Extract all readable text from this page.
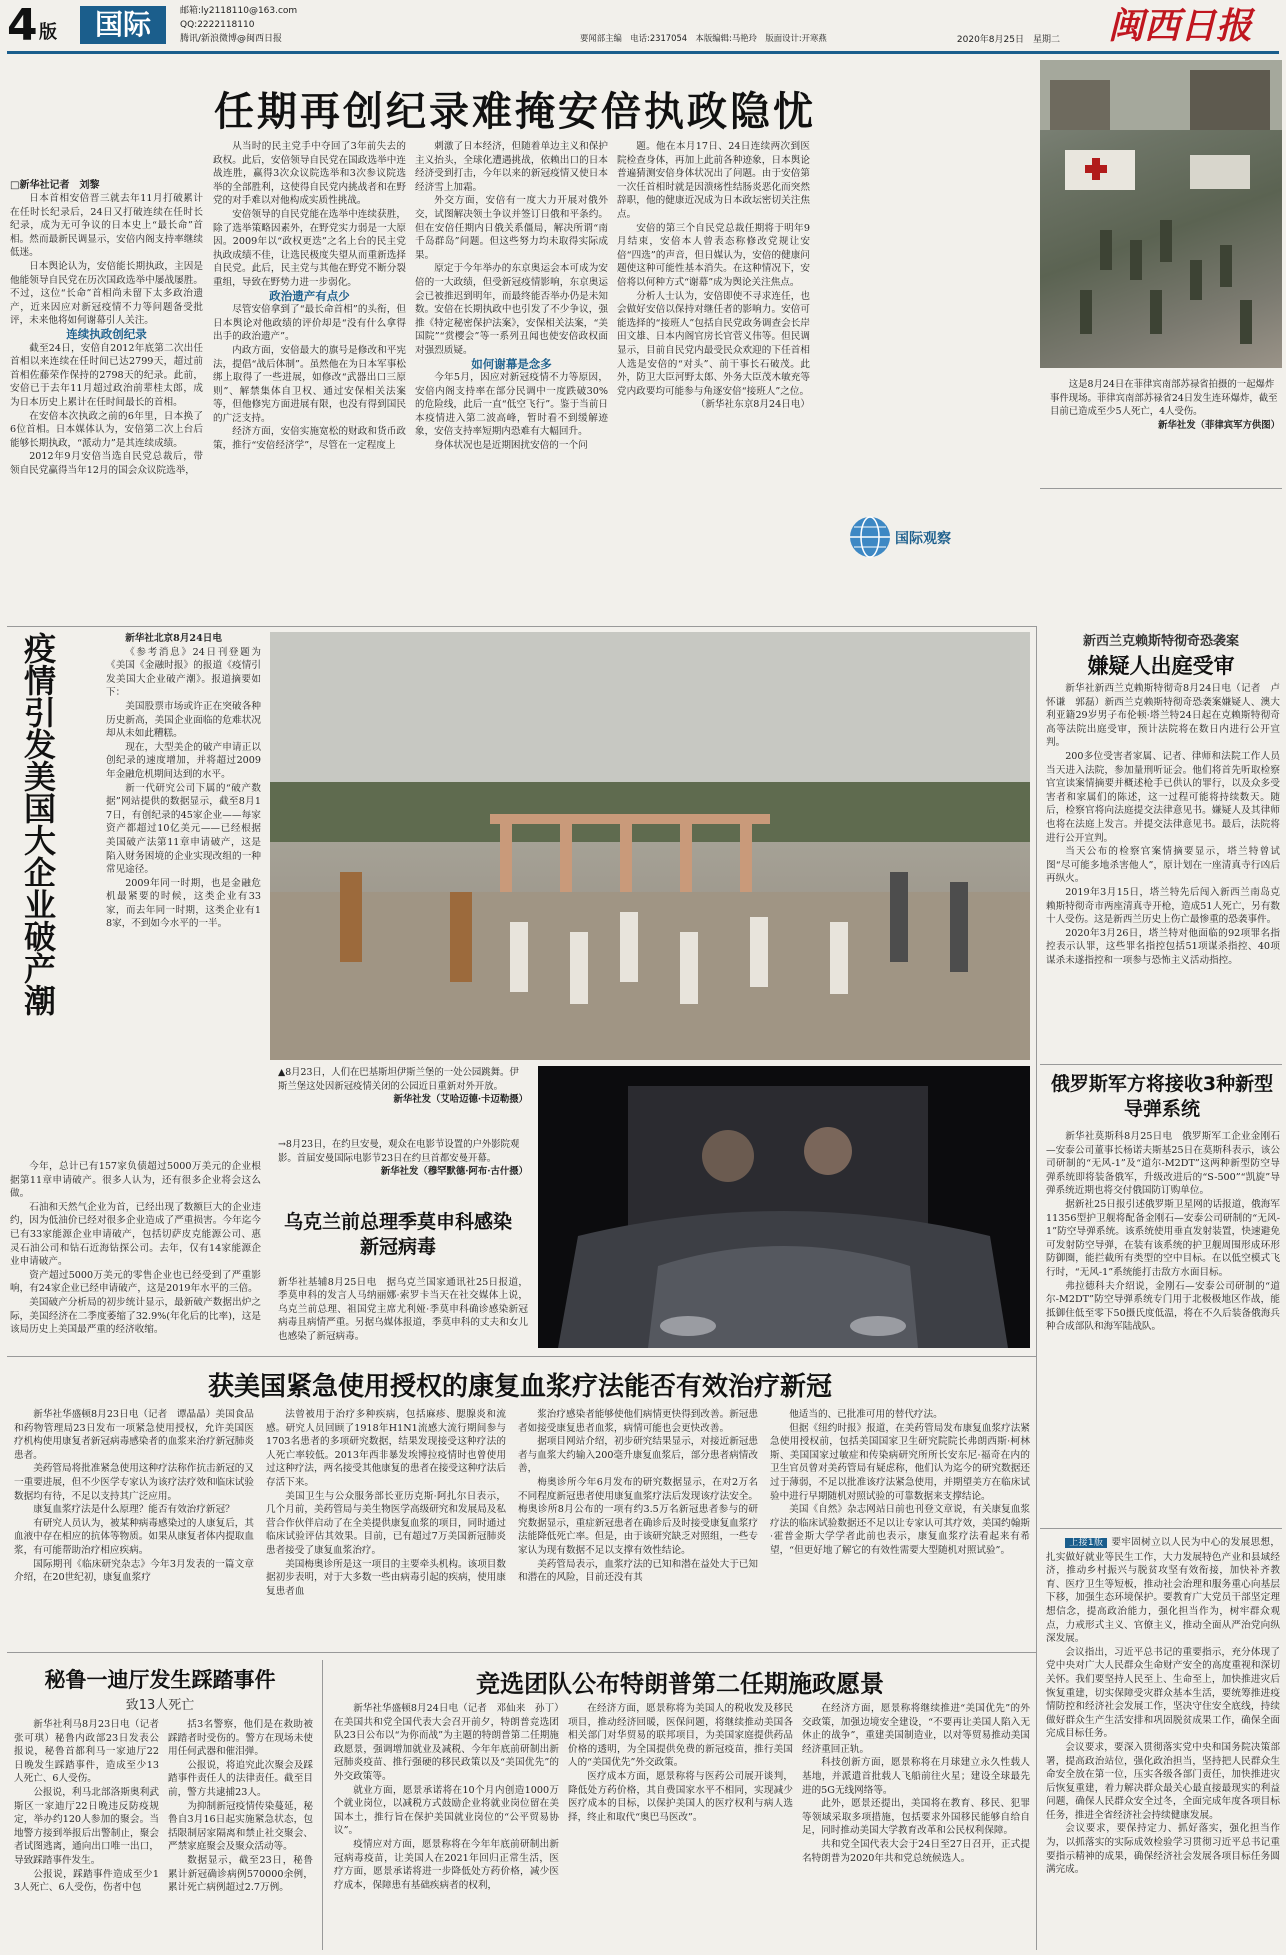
4 版	国际	邮箱:ly2118110@163.com
QQ:2222118110
腾讯/新浪微博@闽西日报	要闻部主编　电话:2317054　本版编辑:马艳玲　版面设计:开寒燕	2020年8月25日　星期二	闽西日报
任期再创纪录难掩安倍执政隐忧
□新华社记者　刘黎

日本首相安倍晋三就去年11月打破累计在任时长纪录后，24日又打破连续在任时长纪录，成为无可争议的日本史上“最长命”首相。然而最新民调显示，安倍内阁支持率继续低迷。

日本舆论认为，安倍能长期执政，主因是他能领导自民党在历次国政选举中屡战屡胜。不过，这位“长命”首相尚未留下太多政治遗产，近来因应对新冠疫情不力等问题备受批评，未来他将如何谢幕引人关注。

连续执政创纪录

截至24日，安倍自2012年底第二次出任首相以来连续在任时间已达2799天，超过前首相佐藤荣作保持的2798天的纪录。此前，安倍已于去年11月超过政治前辈桂太郎，成为日本历史上累计在任时间最长的首相。

在安倍本次执政之前的6年里，日本换了6位首相。日本媒体认为，安倍第二次上台后能够长期执政，“派动力”是其连续成绩。

2012年9月安倍当选自民党总裁后，带领自民党赢得当年12月的国会众议院选举，

从当时的民主党手中夺回了3年前失去的政权。此后，安倍领导自民党在国政选举中连战连胜，赢得3次众议院选举和3次参议院选举的全部胜利，这使得自民党内挑战者和在野党的对手难以对他构成实质性挑战。

安倍领导的自民党能在选举中连续获胜，除了选举策略因素外，在野党实力弱是一大原因。2009年以“政权更迭”之名上台的民主党执政成绩不佳，让选民极度失望从而重新选择自民党。此后，民主党与其他在野党不断分裂重组，导致在野势力进一步弱化。

政治遗产有点少

尽管安倍拿到了“最长命首相”的头衔，但日本舆论对他政绩的评价却是“没有什么拿得出手的政治遗产”。

内政方面，安倍最大的旗号是修改和平宪法，提倡“战后体制”。虽然他在为日本军事松绑上取得了一些进展，如修改“武器出口三原则”、解禁集体自卫权、通过安保相关法案等，但他修宪方面进展有限，也没有得到国民的广泛支持。

经济方面，安倍实施宽松的财政和货币政策，推行“安倍经济学”，尽管在一定程度上

刺激了日本经济，但随着单边主义和保护主义抬头，全球化遭遇挑战，依赖出口的日本经济受到打击，今年以来的新冠疫情又使日本经济雪上加霜。

外交方面，安倍有一度大力开展对俄外交，试图解决领土争议并签订日俄和平条约。但在安倍任期内日俄关系僵局，解决所谓“南千岛群岛”问题。但这些努力均未取得实际成果。

原定于今年举办的东京奥运会本可成为安倍的一大政绩，但受新冠疫情影响，东京奥运会已被推迟到明年，而最终能否举办仍是未知数。安倍在长期执政中也引发了不少争议，强推《特定秘密保护法案》，安保相关法案，“美国院”“赏樱会”等一系列丑闻也使安倍政权面对强烈质疑。

如何谢幕是念多

今年5月，因应对新冠疫情不力等原因，安倍内阁支持率在部分民调中一度跌破30%的危险线，此后一直“低空飞行”。鉴于当前日本疫情进入第二波高峰，暂时看不到缓解迹象，安倍支持率短期内恐难有大幅回升。

身体状况也是近期困扰安倍的一个问

题。他在本月17日、24日连续两次到医院检查身体，再加上此前各种迹象，日本舆论普遍猜测安倍身体状况出了问题。由于安倍第一次任首相时就是因溃疡性结肠炎恶化而突然辞职，他的健康近况成为日本政坛密切关注焦点。

安倍的第三个自民党总裁任期将于明年9月结束，安倍本人曾表态称修改党规让安倍“四选”的声音，但日媒认为，安倍的健康问题使这种可能性基本消失。在这种情况下，安倍将以何种方式“谢幕”成为舆论关注焦点。

分析人士认为，安倍即使不寻求连任，也会做好安倍以保持对继任者的影响力。安倍可能选择的“接班人”包括自民党政务调查会长岸田文雄、日本内阁官房长官菅义伟等。但民调显示，目前自民党内最受民众欢迎的下任首相人选是安倍的“对头”、前干事长石破茂。此外，防卫大臣河野太郎、外务大臣茂木敏充等党内政要均可能参与角逐安倍“接班人”之位。

（新华社东京8月24日电）

国际观察
这是8月24日在菲律宾南部苏禄省拍摄的一起爆炸事件现场。菲律宾南部苏禄省24日发生连环爆炸，截至目前已造成至少5人死亡，4人受伤。
新华社发（菲律宾军方供图）
疫情引发美国大企业破产潮	新华社北京8月24日电

《参考消息》24日刊登题为《美国《金融时报》的报道《疫情引发美国大企业破产潮》。报道摘要如下：

美国股票市场或许正在突破各种历史新高，美国企业面临的危难状况却从未如此糟糕。

现在，大型美企的破产申请正以创纪录的速度增加，并将超过2009年金融危机期间达到的水平。

新一代研究公司下属的“破产数据”网站提供的数据显示，截至8月17日，有创纪录的45家企业——每家资产都超过10亿美元——已经根据美国破产法第11章申请破产，这是陷入财务困境的企业实现改组的一种常见途径。

2009年同一时期，也是金融危机最紧要的时候，这类企业有33家，而去年同一时期，这类企业有18家，不到如今水平的一半。

今年，总计已有157家负债超过5000万美元的企业根据第11章申请破产。很多人认为，还有很多企业将会这么做。

石油和天然气企业为首，已经出现了数额巨大的企业违约，因为低油价已经对很多企业造成了严重损害。今年迄今已有33家能源企业申请破产，包括切萨皮克能源公司、惠灵石油公司和钻石近海钻探公司。去年，仅有14家能源企业申请破产。

资产超过5000万美元的零售企业也已经受到了严重影响，有24家企业已经申请破产，这是2019年水平的三倍。

美国破产分析局的初步统计显示，最新破产数据出炉之际，美国经济在二季度萎缩了32.9%(年化后的比率)，这是该局历史上美国最严重的经济收缩。

▲8月23日，人们在巴基斯坦伊斯兰堡的一处公园跳舞。伊斯兰堡这处因新冠疫情关闭的公园近日重新对外开放。
新华社发（艾哈迈德·卡迈勒摄）
→8月23日，在约旦安曼，观众在电影节设置的户外影院观影。首届安曼国际电影节23日在约旦首都安曼开幕。
新华社发（穆罕默德·阿布·古什摄）
乌克兰前总理季莫申科感染新冠病毒

新华社基辅8月25日电　据乌克兰国家通讯社25日报道，季莫申科的发言人马纳丽娜·索罗卡当天在社交媒体上说，乌克兰前总理、祖国党主席尤利娅·季莫申科确诊感染新冠病毒且病情严重。另据乌媒体报道，季莫申科的丈夫和女儿也感染了新冠病毒。

新西兰克赖斯特彻奇恐袭案
嫌疑人出庭受审

新华社新西兰克赖斯特彻奇8月24日电（记者　卢怀谦　郭磊）新西兰克赖斯特彻奇恐袭案嫌疑人、澳大利亚籍29岁男子布伦顿·塔兰特24日起在克赖斯特彻奇高等法院出庭受审，预计法院将在数日内进行公开宣判。

200多位受害者家属、记者、律师和法院工作人员当天进入法院，参加量刑听证会。他们将首先听取检察官宣读案情摘要并概述枪手已供认的罪行，以及众多受害者和家属们的陈述，这一过程可能将持续数天。随后，检察官将向法庭提交法律意见书。嫌疑人及其律师也将在法庭上发言。并提交法律意见书。最后，法院将进行公开宣判。

当天公布的检察官案情摘要显示，塔兰特曾试图“尽可能多地杀害他人”，原计划在一座清真寺行凶后再纵火。

2019年3月15日，塔兰特先后闯入新西兰南岛克赖斯特彻奇市两座清真寺开枪，造成51人死亡，另有数十人受伤。这是新西兰历史上伤亡最惨重的恐袭事件。

2020年3月26日，塔兰特对他面临的92项罪名指控表示认罪，这些罪名指控包括51项谋杀指控、40项谋杀未遂指控和一项参与恐怖主义活动指控。

俄罗斯军方将接收3种新型导弹系统

新华社莫斯科8月25日电　俄罗斯军工企业金刚石—安泰公司董事长杨诺夫斯基25日在莫斯科表示，该公司研制的“无风-1”及“道尔-M2DT”这两种新型防空导弹系统即将装备俄军，升级改进后的“S-500”“凯旋”导弹系统近期也将交付俄国防订购单位。

据新社25日报引述俄罗斯卫星网的话报道，俄海军11356型护卫舰将配备金刚石—安泰公司研制的“无风-1”防空导弹系统。该系统使用垂直发射装置，快速避免可发射防空导弹，在装有该系统的护卫舰周围形成环形防御圈，能拦截所有类型的空中目标。在以低空模式飞行时，“无风-1”系统能打击敌方水面目标。

弗拉德科夫介绍说，金刚石—安泰公司研制的“道尔-M2DT”防空导弹系统专门用于北极极地区作战，能抵御住低至零下50摄氏度低温，将在不久后装备俄海兵种合成部队和海军陆战队。

获美国紧急使用授权的康复血浆疗法能否有效治疗新冠

新华社华盛顿8月23日电（记者　谭晶晶）美国食品和药物管理局23日发布一项紧急使用授权，允许美国医疗机构使用康复者新冠病毒感染者的血浆来治疗新冠肺炎患者。

美药管局将批准紧急使用这种疗法称作抗击新冠的又一重要进展，但不少医学专家认为该疗法疗效和临床试验数据均有待，不足以支持其广泛应用。

康复血浆疗法是什么原理？能否有效治疗新冠？

有研究人员认为，被某种病毒感染过的人康复后，其血液中存在相应的抗体等物质。如果从康复者体内提取血浆，有可能帮助治疗相应疾病。

国际期刊《临床研究杂志》今年3月发表的一篇文章介绍，在20世纪初，康复血浆疗

法曾被用于治疗多种疾病，包括麻疹、腮腺炎和流感。研究人员回顾了1918年H1N1流感大流行期间参与1703名患者的多项研究数据，结果发现接受这种疗法的人死亡率较低。2013年西非暴发埃博拉疫情时也曾使用过这种疗法，两名接受其他康复的患者在接受这种疗法后存活下来。

美国卫生与公众服务部长亚历克斯·阿扎尔日表示，几个月前，美药管局与美生物医学高级研究和发展局及私营合作伙伴启动了在全美提供康复血浆的项目，同时通过临床试验评估其效果。目前，已有超过7万美国新冠肺炎患者接受了康复血浆治疗。

美国梅奥诊所是这一项目的主要牵头机构。该项目数据初步表明，对于大多数一些由病毒引起的疾病，使用康复患者血

浆治疗感染者能够使他们病情更快得到改善。新冠患者如接受康复患者血浆，病情可能也会更快改善。

据项目网站介绍，初步研究结果显示，对接近新冠患者与血浆大约输入200毫升康复血浆后，部分患者病情改善，

梅奥诊所今年6月发布的研究数据显示，在对2万名不同程度新冠患者使用康复血浆疗法后发现该疗法安全。梅奥诊所8月公布的一项有约3.5万名新冠患者参与的研究数据显示，重症新冠患者在确诊后及时接受康复血浆疗法能降低死亡率。但是，由于该研究缺乏对照组，一些专家认为现有数据不足以支撑有效性结论。

美药管局表示，血浆疗法的已知和潜在益处大于已知和潜在的风险，目前还没有其

他适当的、已批准可用的替代疗法。

但据《纽约时报》报道，在美药管局发布康复血浆疗法紧急使用授权前，包括美国国家卫生研究院院长弗朗西斯·柯林斯、美国国家过敏症和传染病研究所所长安东尼·福奇在内的卫生官员曾对美药管局有疑虑称，他们认为迄今的研究数据还过于薄弱，不足以批准该疗法紧急使用，并期望美方在临床试验中进行早期随机对照试验的可靠数据来支撑结论。

美国《自然》杂志网站日前也刊登文章说，有关康复血浆疗法的临床试验数据还不足以让专家认可其疗效，美国约翰斯·霍普金斯大学学者此前也表示，康复血浆疗法看起来有希望，“但更好地了解它的有效性需要大型随机对照试验”。

秘鲁一迪厅发生踩踏事件
致13人死亡

新华社利马8月23日电（记者　张可琪）秘鲁内政部23日发表公报说，秘鲁首都利马一家迪厅22日晚发生踩踏事件，造成至少13人死亡、6人受伤。

公报说，利马北部洛斯奥利武斯区一家迪厅22日晚违反防疫规定，举办约120人参加的聚会。当地警方接到举报后出警制止，聚会者试图逃离，通向出口唯一出口，导致踩踏事件发生。

公报说，踩踏事件造成至少13人死亡、6人受伤，伤者中包

括3名警察，他们是在救助被踩踏者时受伤的。警方在现场未使用任何武器和催泪弹。

公报说，将追究此次聚会及踩踏事件责任人的法律责任。截至目前，警方共逮捕23人。

为抑制新冠疫情传染蔓延，秘鲁自3月16日起实施紧急状态，包括限制居家隔离和禁止社交聚会、严禁家庭聚会及聚众活动等。

数据显示，截至23日，秘鲁累计新冠确诊病例570000余例，累计死亡病例超过2.7万例。

竞选团队公布特朗普第二任期施政愿景

新华社华盛顿8月24日电（记者　邓仙来　孙丁）在美国共和党全国代表大会召开前夕，特朗普竞选团队23日公布以“为你而战”为主题的特朗普第二任期施政愿景，强调增加就业及减税、今年年底前研制出新冠肺炎疫苗、推行强硬的移民政策以及“美国优先”的外交政策等。

就业方面，愿景承诺将在10个月内创造1000万个就业岗位，以减税方式鼓励企业将就业岗位留在美国本土，推行旨在保护美国就业岗位的“公平贸易协议”。

疫情应对方面，愿景称将在今年年底前研制出新冠病毒疫苗，让美国人在2021年回归正常生活，医疗方面，愿景承诺将进一步降低处方药价格，减少医疗成本，保障患有基础疾病者的权利，

在经济方面，愿景称将为美国人的税收发及移民项目，推动经济回暖，医保问题，将继续推动美国各相关部门对华贸易的联邦项目，为美国家庭提供药品价格的透明，为全国提供免费的新冠疫苗，推行美国人的“美国优先”外交政策。

医疗成本方面，愿景称将与医药公司展开谈判，降低处方药价格，其自费国家水平不相同，实现减少医疗成本的目标，以保护美国人的医疗权利与病人选择，终止和取代“奥巴马医改”。

在经济方面，愿景称将继续推进“美国优先”的外交政策，加强边境安全建设，“不要再让美国人陷入无休止的战争”，重建美国制造业，以对等贸易推动美国经济重回正轨。

科技创新方面，愿景称将在月球建立永久性载人基地，并派遣首批载人飞船前往火星；建设全球最先进的5G无线网络等。

此外，愿景还提出，美国将在教育、移民、犯罪等领域采取多项措施，包括要求外国移民能够自给自足，同时推动美国大学教育改革和公民权利保障。

共和党全国代表大会于24日至27日召开，正式提名特朗普为2020年共和党总统候选人。

上接1版 要牢固树立以人民为中心的发展思想，扎实做好就业等民生工作，大力发展特色产业和县域经济，推动乡村振兴与脱贫攻坚有效衔接，加快补齐教育、医疗卫生等短板，推动社会治理和服务重心向基层下移，加强生态环境保护。要教育广大党员干部坚定理想信念，提高政治能力，强化担当作为，树牢群众观点，力戒形式主义、官僚主义，推动全面从严治党向纵深发展。

会议指出，习近平总书记的重要指示，充分体现了党中央对广大人民群众生命财产安全的高度重视和深切关怀。我们要坚持人民至上、生命至上，加快推进灾后恢复重建，切实保障受灾群众基本生活，要统筹推进疫情防控和经济社会发展工作，坚决守住安全底线，持续做好群众生产生活安排和巩固脱贫成果工作，确保全面完成目标任务。

会议要求，要深入贯彻落实党中央和国务院决策部署，提高政治站位，强化政治担当，坚持把人民群众生命安全放在第一位，压实各级各部门责任，加快推进灾后恢复重建，着力解决群众最关心最直接最现实的利益问题，确保人民群众安全过冬，全面完成年度各项目标任务，推进全省经济社会持续健康发展。

会议要求，要保持定力、抓好落实，强化担当作为，以抓落实的实际成效检验学习贯彻习近平总书记重要指示精神的成果，确保经济社会发展各项目标任务圆满完成。
